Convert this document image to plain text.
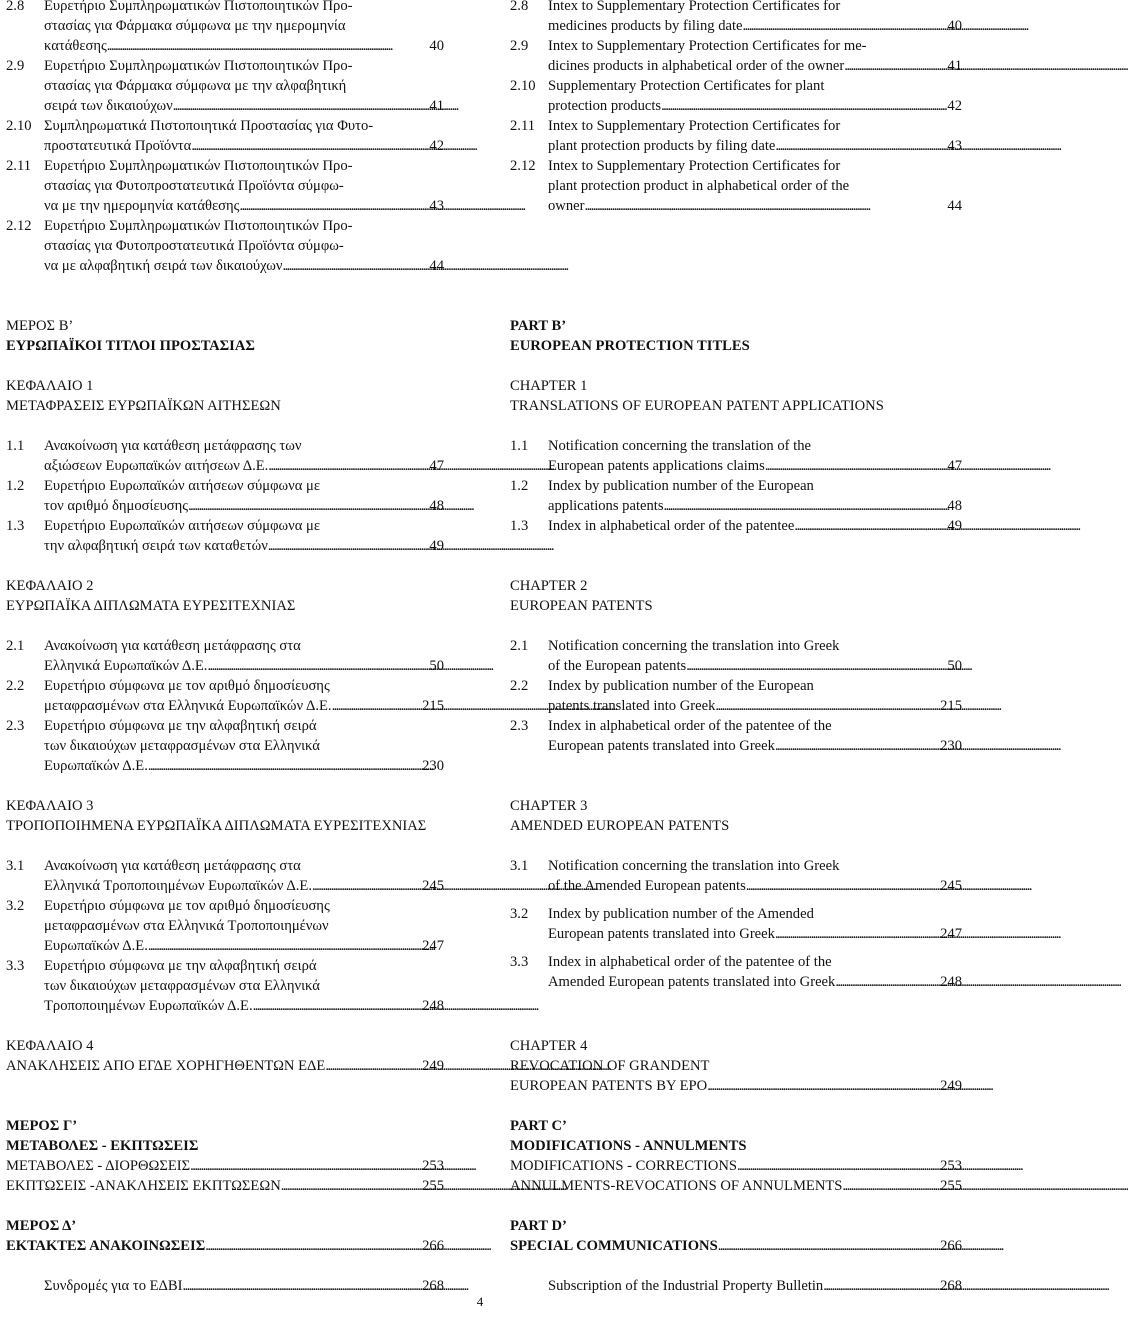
2.8 Ευρετήριο Συμπληρωματικών Πιστοποιητικών Προ-
στασίας για Φάρμακα σύμφωνα με την ημερομηνία
κατάθεσης . . .	40
2.9 Ευρετήριο Συμπληρωματικών Πιστοποιητικών Προ-
στασίας για Φάρμακα σύμφωνα με την αλφαβητική
σειρά των δικαιούχων . . .	41
2.10 Συμπληρωματικά Πιστοποιητικά Προστασίας για Φυτο-
προστατευτικά Προϊόντα . . .	42
2.11 Ευρετήριο Συμπληρωματικών Πιστοποιητικών Προ-
στασίας για Φυτοπροστατευτικά Προϊόντα σύμφω-
να με την ημερομηνία κατάθεσης . . .	43
2.12 Ευρετήριο Συμπληρωματικών Πιστοποιητικών Προ-
στασίας για Φυτοπροστατευτικά Προϊόντα σύμφω-
να με αλφαβητική σειρά των δικαιούχων . . .	44
ΜΕΡΟΣ Β’
ΕΥΡΩΠΑΪΚΟΙ ΤΙΤΛΟΙ ΠΡΟΣΤΑΣΙΑΣ
ΚΕΦΑΛΑΙΟ 1
ΜΕΤΑΦΡΑΣΕΙΣ ΕΥΡΩΠΑΪΚΩΝ ΑΙΤΗΣΕΩΝ
1.1 Ανακοίνωση για κατάθεση μετάφρασης των
αξιώσεων Ευρωπαϊκών αιτήσεων Δ.Ε. . . .	47
1.2 Ευρετήριο Ευρωπαϊκών αιτήσεων σύμφωνα με
τον αριθμό δημοσίευσης . . .	48
1.3 Ευρετήριο Ευρωπαϊκών αιτήσεων σύμφωνα με
την αλφαβητική σειρά των καταθετών . . .	49
ΚΕΦΑΛΑΙΟ 2
ΕΥΡΩΠΑΪΚΑ ΔΙΠΛΩΜΑΤΑ ΕΥΡΕΣΙΤΕΧΝΙΑΣ
2.1 Ανακοίνωση για κατάθεση μετάφρασης στα
Ελληνικά Ευρωπαϊκών Δ.Ε. . . .	50
2.2 Ευρετήριο σύμφωνα με τον αριθμό δημοσίευσης
μεταφρασμένων στα Ελληνικά Ευρωπαϊκών Δ.Ε. . . .	215
2.3 Ευρετήριο σύμφωνα με την αλφαβητική σειρά
των δικαιούχων μεταφρασμένων στα Ελληνικά
Ευρωπαϊκών Δ.Ε. . . .	230
ΚΕΦΑΛΑΙΟ 3
ΤΡΟΠΟΠΟΙΗΜΕΝΑ ΕΥΡΩΠΑΪΚΑ ΔΙΠΛΩΜΑΤΑ ΕΥΡΕΣΙΤΕΧΝΙΑΣ
3.1 Ανακοίνωση για κατάθεση μετάφρασης στα
Ελληνικά Τροποποιημένων Ευρωπαϊκών Δ.Ε. . . .	245
3.2 Ευρετήριο σύμφωνα με τον αριθμό δημοσίευσης
μεταφρασμένων στα Ελληνικά Τροποποιημένων
Ευρωπαϊκών Δ.Ε. . . .	247
3.3 Ευρετήριο σύμφωνα με την αλφαβητική σειρά
των δικαιούχων μεταφρασμένων στα Ελληνικά
Τροποποιημένων Ευρωπαϊκών Δ.Ε. . . .	248
ΚΕΦΑΛΑΙΟ 4
ΑΝΑΚΛΗΣΕΙΣ ΑΠΟ ΕΓΔΕ ΧΟΡΗΓΗΘΕΝΤΩΝ ΕΔΕ . . .	249
ΜΕΡΟΣ Γ’
ΜΕΤΑΒΟΛΕΣ - ΕΚΠΤΩΣΕΙΣ
ΜΕΤΑΒΟΛΕΣ - ΔΙΟΡΘΩΣΕΙΣ . . .	253
ΕΚΠΤΩΣΕΙΣ -ΑΝΑΚΛΗΣΕΙΣ ΕΚΠΤΩΣΕΩΝ . . .	255
ΜΕΡΟΣ Δ’
ΕΚΤΑΚΤΕΣ ΑΝΑΚΟΙΝΩΣΕΙΣ . . .	266
Συνδρομές για το ΕΔΒΙ . . .	268
2.8 Intex to Supplementary Protection Certificates for
medicines products by filing date . . .	40
2.9 Intex to Supplementary Protection Certificates for me-
dicines products in alphabetical order of the owner . . .	41
2.10 Supplementary Protection Certificates for plant
protection products . . .	42
2.11 Intex to Supplementary Protection Certificates for
plant protection products by filing date . . .	43
2.12 Intex to Supplementary Protection Certificates for
plant protection product in alphabetical order of the
owner . . .	44
PART B’
EUROPEAN PROTECTION TITLES
CHAPTER 1
TRANSLATIONS OF EUROPEAN PATENT APPLICATIONS
1.1 Notification concerning the translation of the
European patents applications claims . . .	47
1.2 Index by publication number of the European
applications patents . . .	48
1.3 Index in alphabetical order of the patentee . . .	49
CHAPTER 2
EUROPEAN PATENTS
2.1 Notification concerning the translation into Greek
of the European patents . . .	50
2.2 Index by publication number of the European
patents translated into Greek . . .	215
2.3 Index in alphabetical order of the patentee of the
European patents translated into Greek . . .	230
CHAPTER 3
AMENDED EUROPEAN PATENTS
3.1 Notification concerning the translation into Greek
of the Amended European patents . . .	245
3.2 Index by publication number of the Amended
European patents translated into Greek . . .	247
3.3 Index in alphabetical order of the patentee of the
Amended European patents translated into Greek . . .	248
CHAPTER 4
REVOCATION OF GRANDENT
EUROPEAN PATENTS BY EPO . . .	249
PART C’
MODIFICATIONS - ANNULMENTS
MODIFICATIONS - CORRECTIONS . . .	253
ANNULMENTS-REVOCATIONS OF ANNULMENTS . . .	255
PART D’
SPECIAL COMMUNICATIONS . . .	266
Subscription of the Industrial Property Bulletin . . .	268
4
